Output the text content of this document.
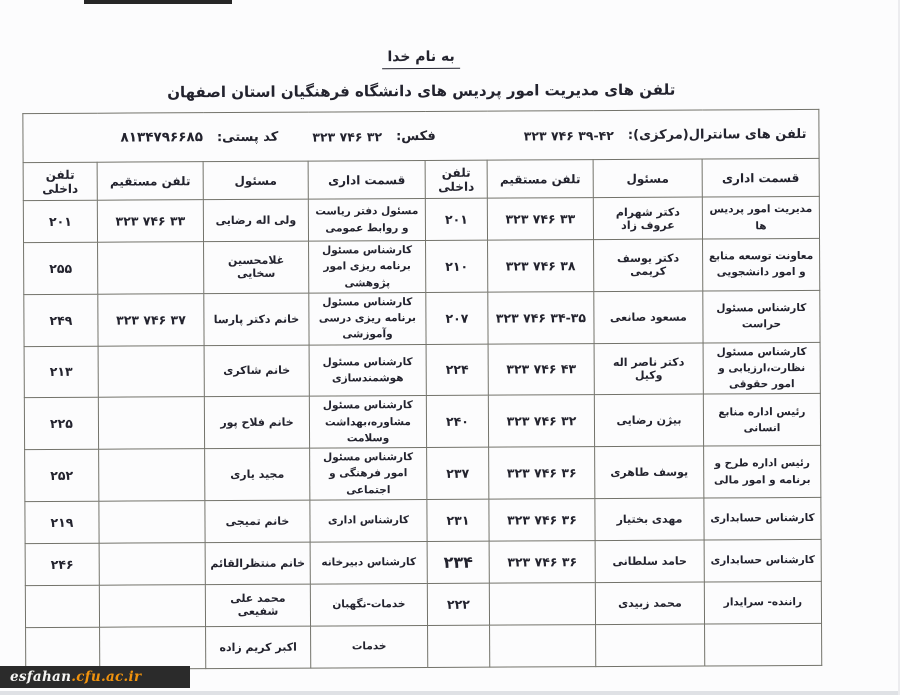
به نام خدا
تلفن های مدیریت امور پردیس های دانشگاه فرهنگیان استان اصفهان
تلفن های سانترال(مرکزی):
۳۲۳ ۷۴۶ ۳۹-۴۲
فکس:
۳۲۳ ۷۴۶ ۳۲
کد پستی:
۸۱۳۴۷۹۶۶۸۵

قسمت اداری	مسئول	تلفن مستقیم	تلفن داخلی	قسمت اداری	مسئول	تلفن مستقیم	تلفن داخلی
مدیریت امور پردیس ها	دکتر شهرام عروف زاد	۳۲۳ ۷۴۶ ۳۳	۲۰۱	مسئول دفتر ریاست و روابط عمومی	ولی اله رضایی	۳۲۳ ۷۴۶ ۳۳	۲۰۱
معاونت توسعه منابع و امور دانشجویی	دکتر یوسف کریمی	۳۲۳ ۷۴۶ ۳۸	۲۱۰	کارشناس مسئول برنامه ریزی امور پژوهشی	غلامحسین سخایی		۲۵۵
کارشناس مسئول حراست	مسعود صانعی	۳۲۳ ۷۴۶ ۳۴-۳۵	۲۰۷	کارشناس مسئول برنامه ریزی درسی وآموزشی	خانم دکتر پارسا	۳۲۳ ۷۴۶ ۳۷	۲۴۹
کارشناس مسئول نظارت،ارزیابی و امور حقوقی	دکتر ناصر اله وکیل	۳۲۳ ۷۴۶ ۴۳	۲۲۴	کارشناس مسئول هوشمندسازی	خانم شاکری		۲۱۳
رئیس اداره منابع انسانی	بیژن رضایی	۳۲۳ ۷۴۶ ۳۲	۲۴۰	کارشناس مسئول مشاوره،بهداشت وسلامت	خانم فلاح پور		۲۲۵
رئیس اداره طرح و برنامه و امور مالی	یوسف طاهری	۳۲۳ ۷۴۶ ۳۶	۲۳۷	کارشناس مسئول امور فرهنگی و اجتماعی	مجید یاری		۲۵۲
کارشناس حسابداری	مهدی بختیار	۳۲۳ ۷۴۶ ۳۶	۲۳۱	کارشناس اداری	خانم تمیجی		۲۱۹
کارشناس حسابداری	حامد سلطانی	۳۲۳ ۷۴۶ ۳۶	۲۳۴	کارشناس دبیرخانه	خانم منتظرالقائم		۲۴۶
راننده- سرایدار	محمد زبیدی		۲۲۲	خدمات-نگهبان	محمد علی شفیعی		
				خدمات	اکبر کریم زاده		
esfahan .cfu.ac.ir
